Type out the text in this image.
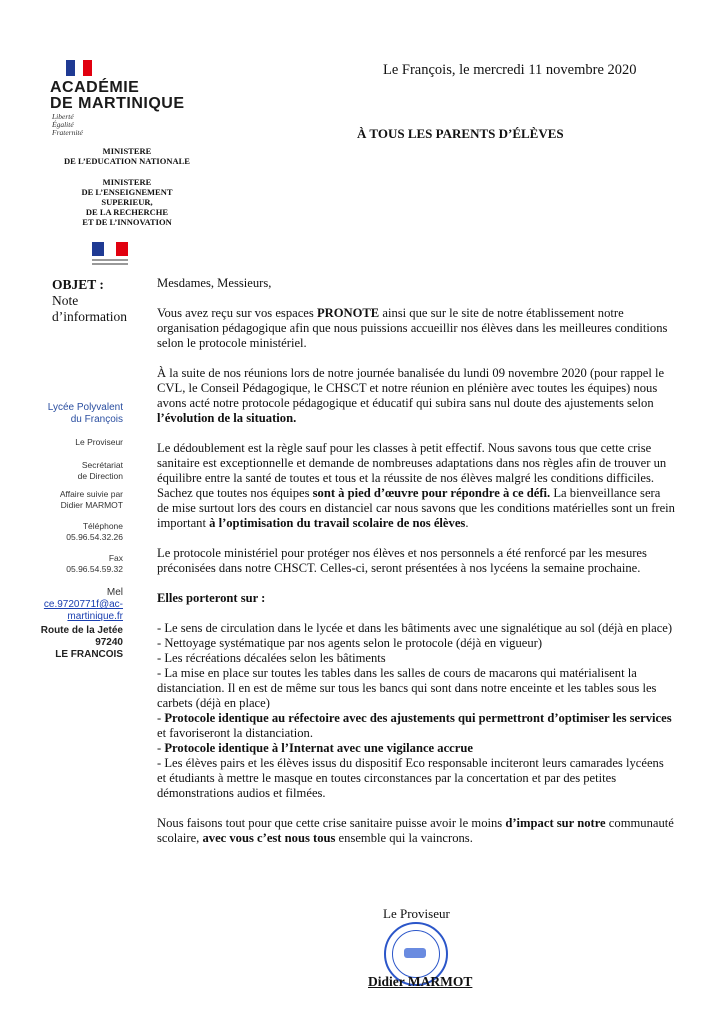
ACADÉMIE
DE MARTINIQUE
Liberté
Égalité
Fraternité
MINISTERE
DE L’EDUCATION NATIONALE
MINISTERE
DE L’ENSEIGNEMENT
SUPERIEUR,
DE LA RECHERCHE
ET DE L’INNOVATION
Le François, le mercredi 11 novembre 2020
À TOUS LES PARENTS D’ÉLÈVES
OBJET :
Note
d’information
Lycée Polyvalent
du François
Le Proviseur
Secrétariat
de Direction
Affaire suivie par
Didier MARMOT
Téléphone
05.96.54.32.26
Fax
05.96.54.59.32
Mel
ce.9720771f@ac-
martinique.fr
Route de la Jetée
97240
LE FRANCOIS

Mesdames, Messieurs,

Vous avez reçu sur vos espaces PRONOTE ainsi que sur le site de notre établissement notre organisation pédagogique afin que nous puissions accueillir nos élèves dans les meilleures conditions selon le protocole ministériel.

À la suite de nos réunions lors de notre journée banalisée du lundi 09 novembre 2020 (pour rappel le CVL, le Conseil Pédagogique, le CHSCT et notre réunion en plénière avec toutes les équipes) nous avons acté notre protocole pédagogique et éducatif qui subira sans nul doute des ajustements selon l’évolution de la situation.

Le dédoublement est la règle sauf pour les classes à petit effectif. Nous savons tous que cette crise sanitaire est exceptionnelle et demande de nombreuses adaptations dans nos règles afin de trouver un équilibre entre la santé de toutes et tous et la réussite de nos élèves malgré les conditions difficiles. Sachez que toutes nos équipes sont à pied d’œuvre pour répondre à ce défi. La bienveillance sera de mise surtout lors des cours en distanciel car nous savons que les conditions matérielles sont un frein important à l’optimisation du travail scolaire de nos élèves.

Le protocole ministériel pour protéger nos élèves et nos personnels a été renforcé par les mesures préconisées dans notre CHSCT. Celles-ci, seront présentées à nos lycéens la semaine prochaine.

Elles porteront sur :

- Le sens de circulation dans le lycée et dans les bâtiments avec une signalétique au sol (déjà en place)

- Nettoyage systématique par nos agents selon le protocole (déjà en vigueur)

- Les récréations décalées selon les bâtiments

- La mise en place sur toutes les tables dans les salles de cours de macarons qui matérialisent la distanciation. Il en est de même sur tous les bancs qui sont dans notre enceinte et les tables sous les carbets (déjà en place)

- Protocole identique au réfectoire avec des ajustements qui permettront d’optimiser les services et favoriseront la distanciation.

- Protocole identique à l’Internat avec une vigilance accrue

- Les élèves pairs et les élèves issus du dispositif Eco responsable inciteront leurs camarades lycéens et étudiants à mettre le masque en toutes circonstances par la concertation et par des petites démonstrations audios et filmées.

Nous faisons tout pour que cette crise sanitaire puisse avoir le moins d’impact sur notre communauté scolaire, avec vous c’est nous tous ensemble qui la vaincrons.

Le Proviseur
Didier MARMOT
